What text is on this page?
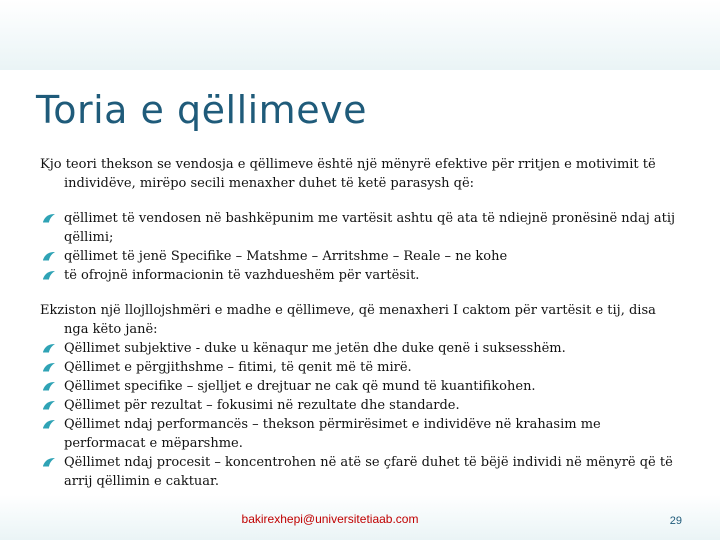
Toria e qëllimeve

Kjo teori thekson se vendosja e qëllimeve është një mënyrë efektive për rritjen e motivimit të individëve, mirëpo secili menaxher duhet të ketë parasysh që:

qëllimet të vendosen në bashkëpunim me vartësit ashtu që ata të ndiejnë pronësinë ndaj atij qëllimi;
qëllimet të jenë Specifike – Matshme – Arritshme – Reale – ne kohe
të ofrojnë informacionin të vazhdueshëm për vartësit.

Ekziston një llojllojshmëri e madhe e qëllimeve, që menaxheri I caktom për vartësit e tij, disa nga këto janë:

Qëllimet subjektive - duke u kënaqur me jetën dhe duke qenë i suksesshëm.
Qëllimet e përgjithshme – fitimi, të qenit më të mirë.
Qëllimet specifike – sjelljet e drejtuar ne cak që mund të kuantifikohen.
Qëllimet për rezultat – fokusimi në rezultate dhe standarde.
Qëllimet ndaj performancës – thekson përmirësimet e individëve në krahasim me performacat e mëparshme.
Qëllimet ndaj procesit – koncentrohen në atë se çfarë duhet të bëjë individi në mënyrë që të arrij qëllimin e caktuar.
bakirexhepi@universitetiaab.com	29
